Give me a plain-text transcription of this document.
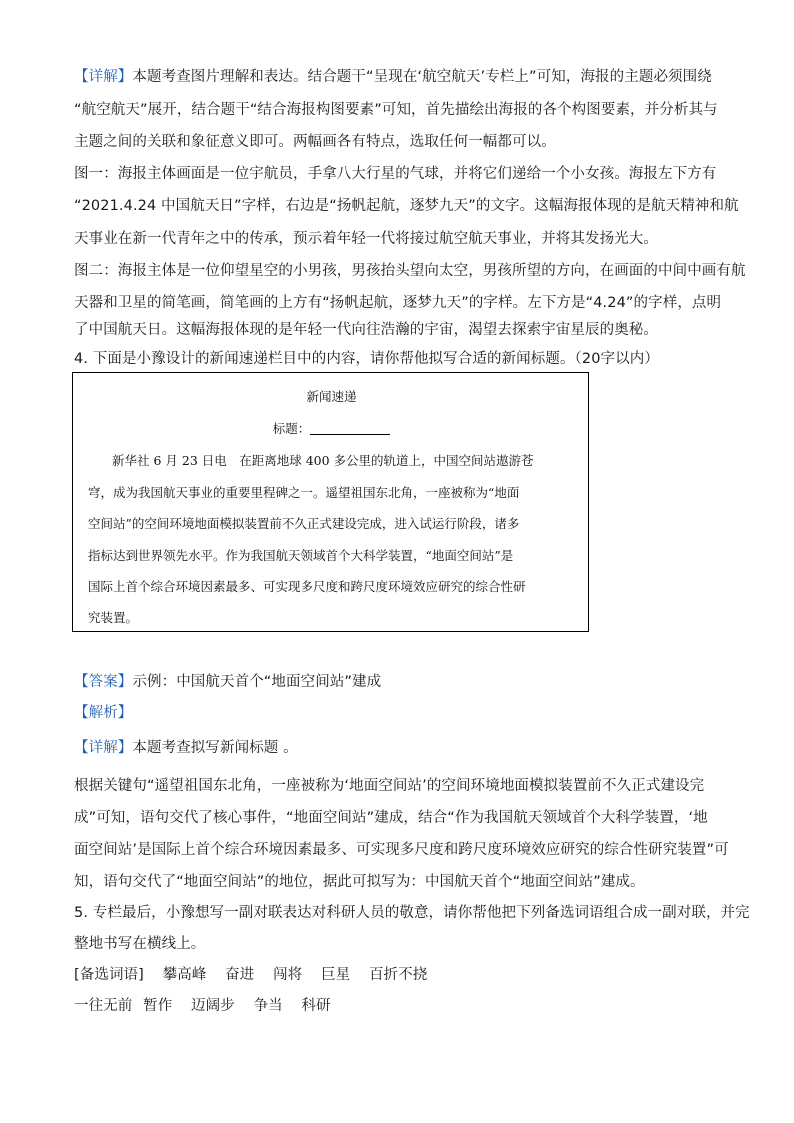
【详解】本题考查图片理解和表达。结合题干“呈现在‘航空航天’专栏上”可知，海报的主题必须围绕
“航空航天”展开，结合题干“结合海报构图要素”可知，首先描绘出海报的各个构图要素，并分析其与
主题之间的关联和象征意义即可。两幅画各有特点，选取任何一幅都可以。
图一：海报主体画面是一位宇航员，手拿八大行星的气球，并将它们递给一个小女孩。海报左下方有
“2021.4.24 中国航天日”字样，右边是“扬帆起航，逐梦九天”的文字。这幅海报体现的是航天精神和航
天事业在新一代青年之中的传承，预示着年轻一代将接过航空航天事业，并将其发扬光大。
图二：海报主体是一位仰望星空的小男孩，男孩抬头望向太空，男孩所望的方向，在画面的中间中画有航
天器和卫星的简笔画，简笔画的上方有“扬帆起航，逐梦九天”的字样。左下方是“4.24”的字样，点明
了中国航天日。这幅海报体现的是年轻一代向往浩瀚的宇宙，渴望去探索宇宙星辰的奥秘。
4. 下面是小豫设计的新闻速递栏目中的内容，请你帮他拟写合适的新闻标题。（20字以内）
新闻速递
标题：
新华社 6 月 23 日电　在距离地球 400 多公里的轨道上，中国空间站遨游苍
穹，成为我国航天事业的重要里程碑之一。遥望祖国东北角，一座被称为“地面
空间站”的空间环境地面模拟装置前不久正式建设完成，进入试运行阶段，诸多
指标达到世界领先水平。作为我国航天领域首个大科学装置，“地面空间站”是
国际上首个综合环境因素最多、可实现多尺度和跨尺度环境效应研究的综合性研
究装置。
【答案】示例：中国航天首个“地面空间站”建成
【解析】
【详解】本题考查拟写新闻标题 。
根据关键句“遥望祖国东北角，一座被称为‘地面空间站’的空间环境地面模拟装置前不久正式建设完
成”可知，语句交代了核心事件，“地面空间站”建成，结合“作为我国航天领域首个大科学装置，‘地
面空间站’是国际上首个综合环境因素最多、可实现多尺度和跨尺度环境效应研究的综合性研究装置”可
知，语句交代了“地面空间站”的地位，据此可拟写为：中国航天首个“地面空间站”建成。
5. 专栏最后，小豫想写一副对联表达对科研人员的敬意，请你帮他把下列备选词语组合成一副对联，并完
整地书写在横线上。
[备选词语] 攀高峰 奋进 闯将 巨星 百折不挠
一往无前 暂作 迈阔步 争当 科研
